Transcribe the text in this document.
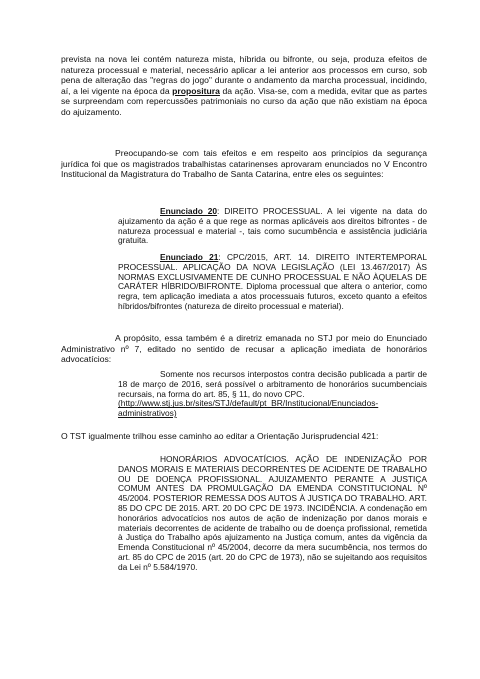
prevista na nova lei contém natureza mista, híbrida ou bifronte, ou seja, produza efeitos de natureza processual e material, necessário aplicar a lei anterior aos processos em curso, sob pena de alteração das "regras do jogo" durante o andamento da marcha processual, incidindo, aí, a lei vigente na época da propositura da ação. Visa-se, com a medida, evitar que as partes se surpreendam com repercussões patrimoniais no curso da ação que não existiam na época do ajuizamento.

Preocupando-se com tais efeitos e em respeito aos princípios da segurança jurídica foi que os magistrados trabalhistas catarinenses aprovaram enunciados no V Encontro Institucional da Magistratura do Trabalho de Santa Catarina, entre eles os seguintes:

Enunciado 20: DIREITO PROCESSUAL. A lei vigente na data do ajuizamento da ação é a que rege as normas aplicáveis aos direitos bifrontes - de natureza processual e material -, tais como sucumbência e assistência judiciária gratuita.

Enunciado 21: CPC/2015, ART. 14. DIREITO INTERTEMPORAL PROCESSUAL. APLICAÇÃO DA NOVA LEGISLAÇÃO (LEI 13.467/2017) ÀS NORMAS EXCLUSIVAMENTE DE CUNHO PROCESSUAL E NÃO ÀQUELAS DE CARÁTER HÍBRIDO/BIFRONTE. Diploma processual que altera o anterior, como regra, tem aplicação imediata a atos processuais futuros, exceto quanto a efeitos híbridos/bifrontes (natureza de direito processual e material).

A propósito, essa também é a diretriz emanada no STJ por meio do Enunciado Administrativo nº 7, editado no sentido de recusar a aplicação imediata de honorários advocatícios:

Somente nos recursos interpostos contra decisão publicada a partir de 18 de março de 2016, será possível o arbitramento de honorários sucumbenciais recursais, na forma do art. 85, § 11, do novo CPC.
(http://www.stj.jus.br/sites/STJ/default/pt_BR/Institucional/Enunciados-administrativos)

O TST igualmente trilhou esse caminho ao editar a Orientação Jurisprudencial 421:

HONORÁRIOS ADVOCATÍCIOS. AÇÃO DE INDENIZAÇÃO POR DANOS MORAIS E MATERIAIS DECORRENTES DE ACIDENTE DE TRABALHO OU DE DOENÇA PROFISSIONAL. AJUIZAMENTO PERANTE A JUSTIÇA COMUM ANTES DA PROMULGAÇÃO DA EMENDA CONSTITUCIONAL Nº 45/2004. POSTERIOR REMESSA DOS AUTOS À JUSTIÇA DO TRABALHO. ART. 85 DO CPC DE 2015. ART. 20 DO CPC DE 1973. INCIDÊNCIA. A condenação em honorários advocatícios nos autos de ação de indenização por danos morais e materiais decorrentes de acidente de trabalho ou de doença profissional, remetida à Justiça do Trabalho após ajuizamento na Justiça comum, antes da vigência da Emenda Constitucional nº 45/2004, decorre da mera sucumbência, nos termos do art. 85 do CPC de 2015 (art. 20 do CPC de 1973), não se sujeitando aos requisitos da Lei nº 5.584/1970.
